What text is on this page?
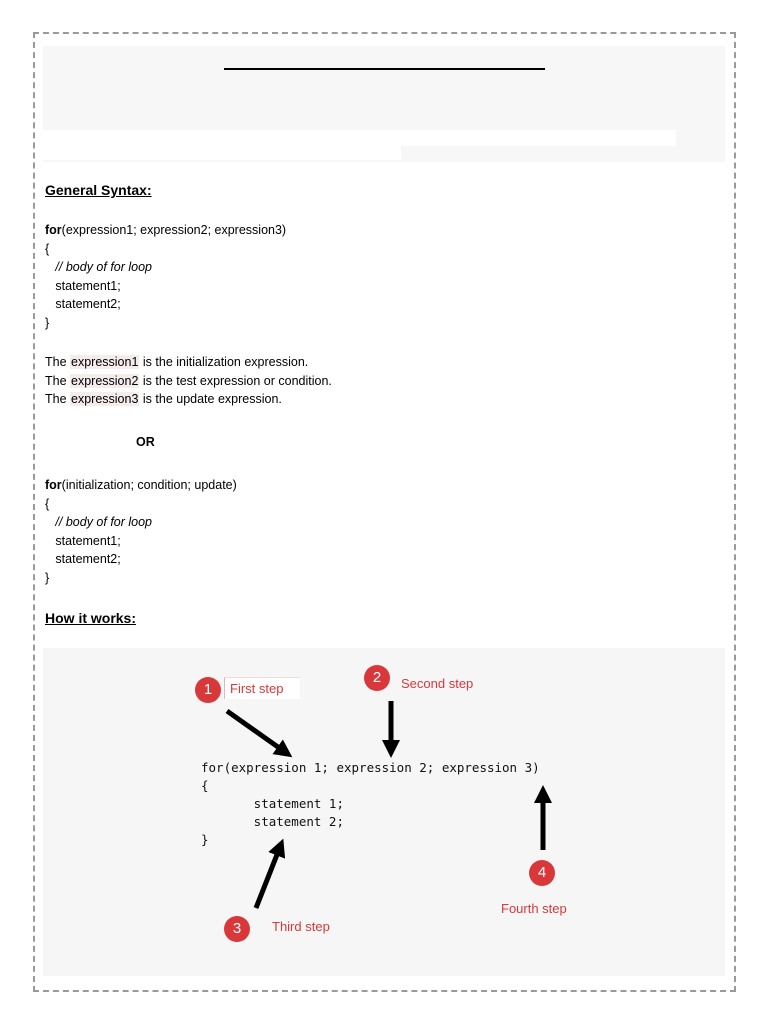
General Syntax:
for(expression1; expression2; expression3)
{
// body of for loop
statement1;
statement2;
}
The expression1 is the initialization expression.
The expression2 is the test expression or condition.
The expression3 is the update expression.
OR
for(initialization; condition; update)
{
// body of for loop
statement1;
statement2;
}
How it works:
for(expression 1; expression 2; expression 3)
{
statement 1;
statement 2;
}
1	First step
2	Second step
3	Third step
4
Fourth step
